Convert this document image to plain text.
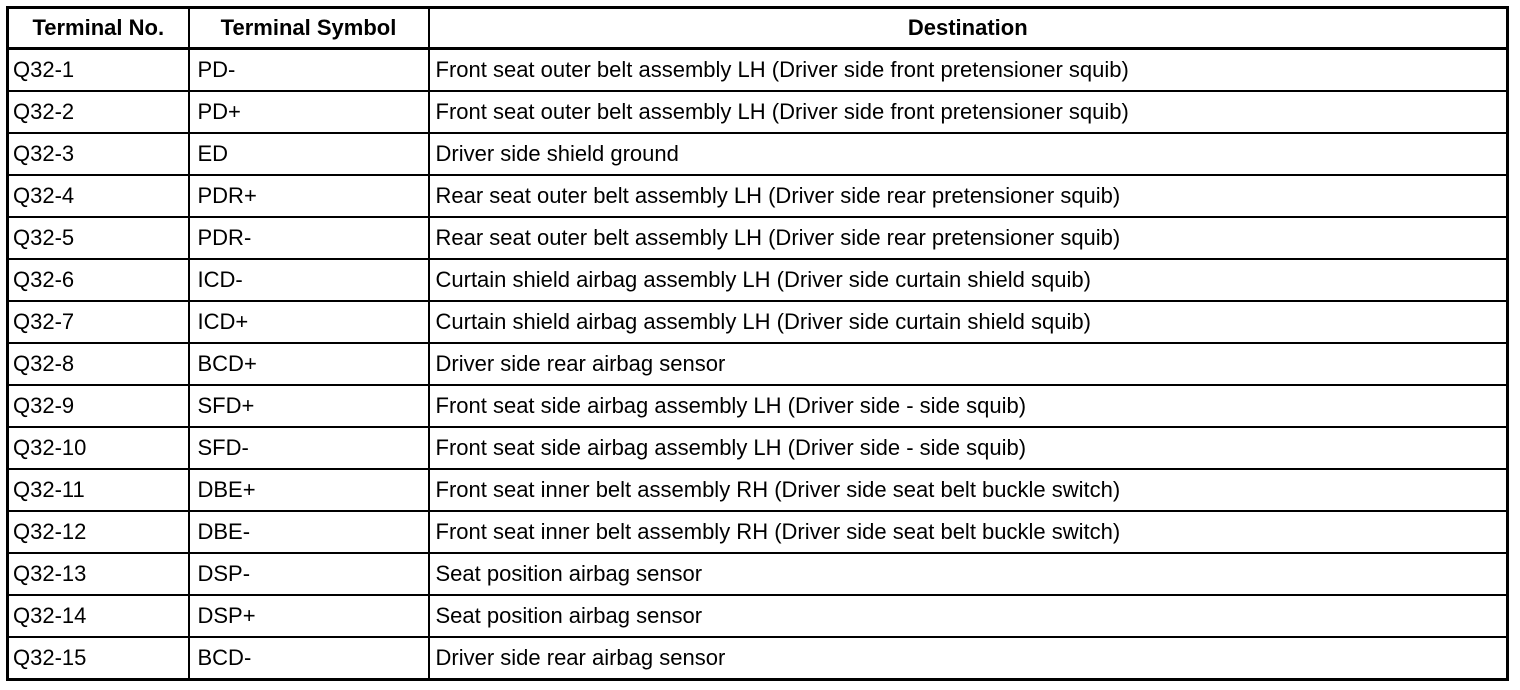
Terminal No.	Terminal Symbol	Destination
Q32-1	PD-	Front seat outer belt assembly LH (Driver side front pretensioner squib)
Q32-2	PD+	Front seat outer belt assembly LH (Driver side front pretensioner squib)
Q32-3	ED	Driver side shield ground
Q32-4	PDR+	Rear seat outer belt assembly LH (Driver side rear pretensioner squib)
Q32-5	PDR-	Rear seat outer belt assembly LH (Driver side rear pretensioner squib)
Q32-6	ICD-	Curtain shield airbag assembly LH (Driver side curtain shield squib)
Q32-7	ICD+	Curtain shield airbag assembly LH (Driver side curtain shield squib)
Q32-8	BCD+	Driver side rear airbag sensor
Q32-9	SFD+	Front seat side airbag assembly LH (Driver side - side squib)
Q32-10	SFD-	Front seat side airbag assembly LH (Driver side - side squib)
Q32-11	DBE+	Front seat inner belt assembly RH (Driver side seat belt buckle switch)
Q32-12	DBE-	Front seat inner belt assembly RH (Driver side seat belt buckle switch)
Q32-13	DSP-	Seat position airbag sensor
Q32-14	DSP+	Seat position airbag sensor
Q32-15	BCD-	Driver side rear airbag sensor
